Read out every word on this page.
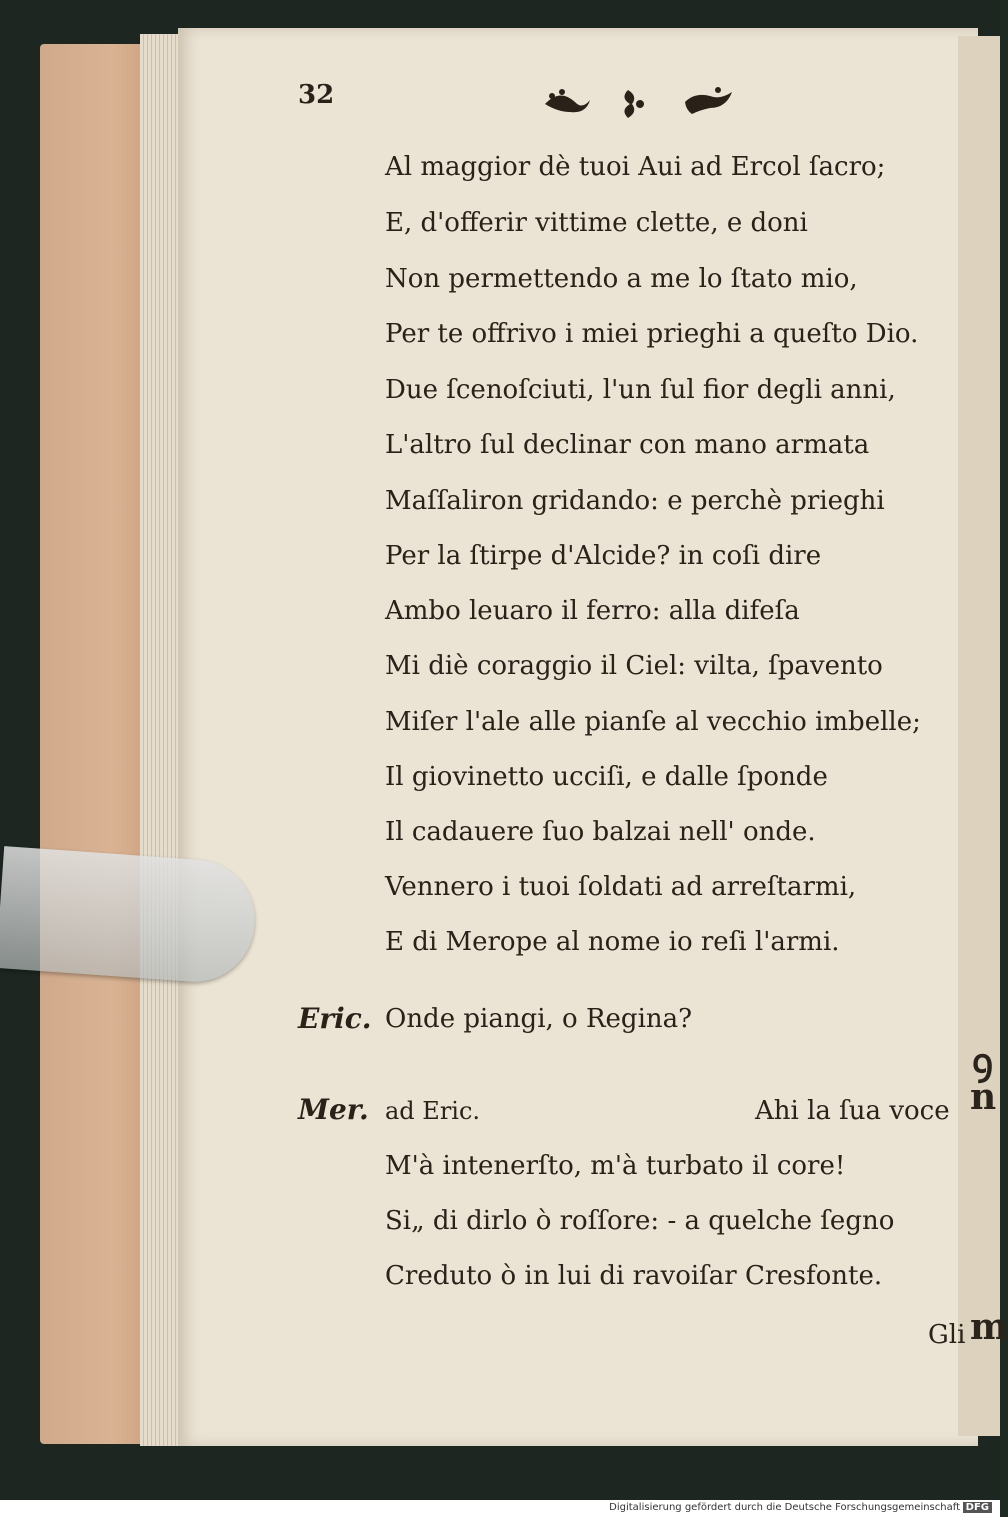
ꝯ
n
m
32
Al maggior dè tuoi Aui ad Ercol ſacro;
E, d'offerir vittime clette, e doni
Non permettendo a me lo ſtato mio,
Per te offrivo i miei prieghi a queſto Dio.
Due ſcenoſciuti, l'un ſul fior degli anni,
L'altro ſul declinar con mano armata
Maſſaliron gridando: e perchè prieghi
Per la ſtirpe d'Alcide? in coſi dire
Ambo leuaro il ferro: alla difeſa
Mi diè coraggio il Ciel: vilta, ſpavento
Miſer l'ale alle pianſe al vecchio imbelle;
Il giovinetto ucciſi, e dalle ſponde
Il cadauere ſuo balzai nell' onde.
Vennero i tuoi ſoldati ad arreſtarmi,
E di Merope al nome io reſi l'armi.
Eric. Onde piangi, o Regina?
Mer. ad Eric.	Ahi la ſua voce
M'à intenerſto, m'à turbato il core!
Si„ di dirlo ò roſſore: - a quelche ſegno
Creduto ò in lui di ravoiſar Cresfonte.
Gli
Digitalisierung gefördert durch die Deutsche Forschungsgemeinschaft DFG
